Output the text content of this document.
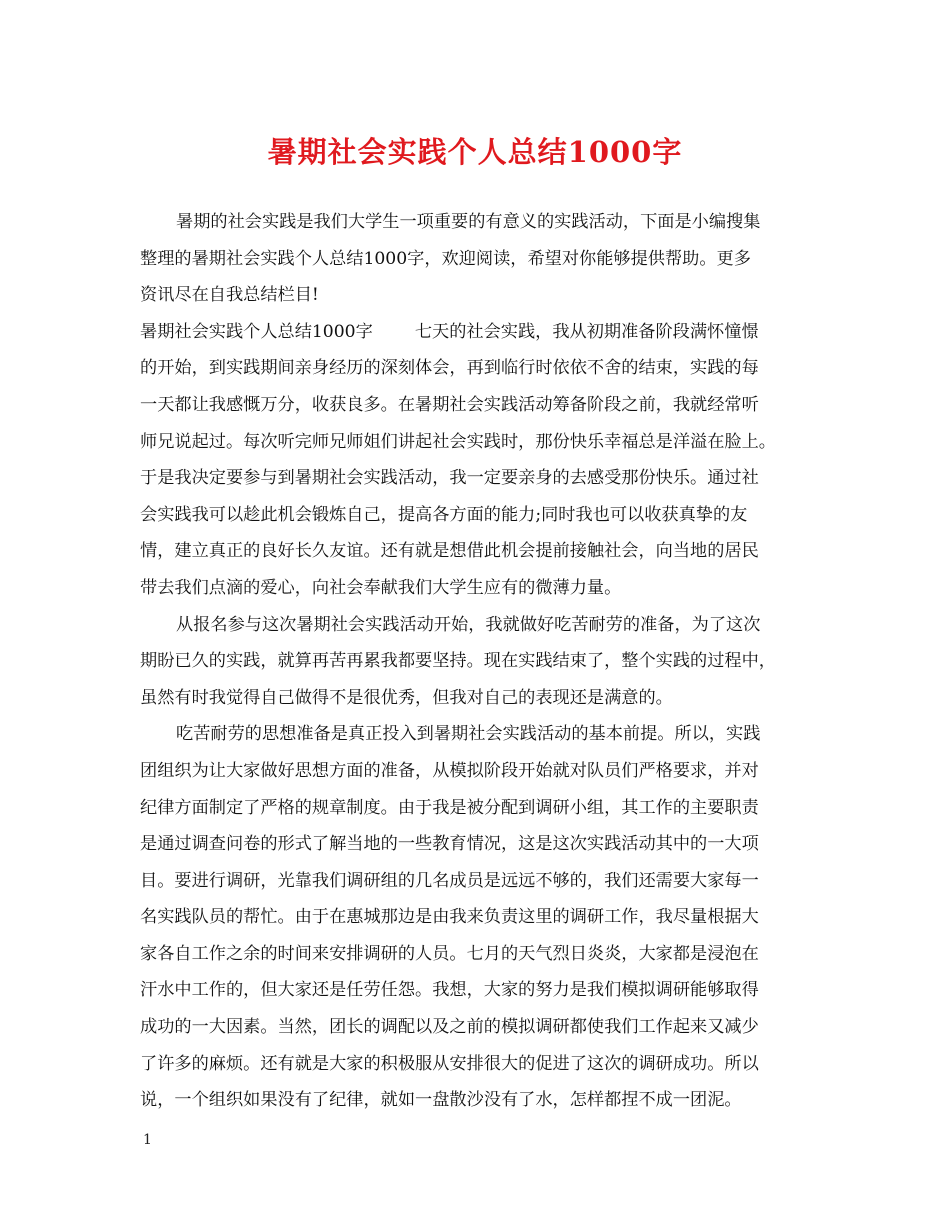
暑期社会实践个人总结1000字
暑期的社会实践是我们大学生一项重要的有意义的实践活动，下面是小编搜集
整理的暑期社会实践个人总结1000字，欢迎阅读，希望对你能够提供帮助。更多
资讯尽在自我总结栏目!
暑期社会实践个人总结1000字 七天的社会实践，我从初期准备阶段满怀憧憬
的开始，到实践期间亲身经历的深刻体会，再到临行时依依不舍的结束，实践的每
一天都让我感慨万分，收获良多。在暑期社会实践活动筹备阶段之前，我就经常听
师兄说起过。每次听完师兄师姐们讲起社会实践时，那份快乐幸福总是洋溢在脸上。
于是我决定要参与到暑期社会实践活动，我一定要亲身的去感受那份快乐。通过社
会实践我可以趁此机会锻炼自己，提高各方面的能力;同时我也可以收获真挚的友
情，建立真正的良好长久友谊。还有就是想借此机会提前接触社会，向当地的居民
带去我们点滴的爱心，向社会奉献我们大学生应有的微薄力量。
从报名参与这次暑期社会实践活动开始，我就做好吃苦耐劳的准备，为了这次
期盼已久的实践，就算再苦再累我都要坚持。现在实践结束了，整个实践的过程中，
虽然有时我觉得自己做得不是很优秀，但我对自己的表现还是满意的。
吃苦耐劳的思想准备是真正投入到暑期社会实践活动的基本前提。所以，实践
团组织为让大家做好思想方面的准备，从模拟阶段开始就对队员们严格要求，并对
纪律方面制定了严格的规章制度。由于我是被分配到调研小组，其工作的主要职责
是通过调查问卷的形式了解当地的一些教育情况，这是这次实践活动其中的一大项
目。要进行调研，光靠我们调研组的几名成员是远远不够的，我们还需要大家每一
名实践队员的帮忙。由于在惠城那边是由我来负责这里的调研工作，我尽量根据大
家各自工作之余的时间来安排调研的人员。七月的天气烈日炎炎，大家都是浸泡在
汗水中工作的，但大家还是任劳任怨。我想，大家的努力是我们模拟调研能够取得
成功的一大因素。当然，团长的调配以及之前的模拟调研都使我们工作起来又减少
了许多的麻烦。还有就是大家的积极服从安排很大的促进了这次的调研成功。所以
说，一个组织如果没有了纪律，就如一盘散沙没有了水，怎样都捏不成一团泥。
1
